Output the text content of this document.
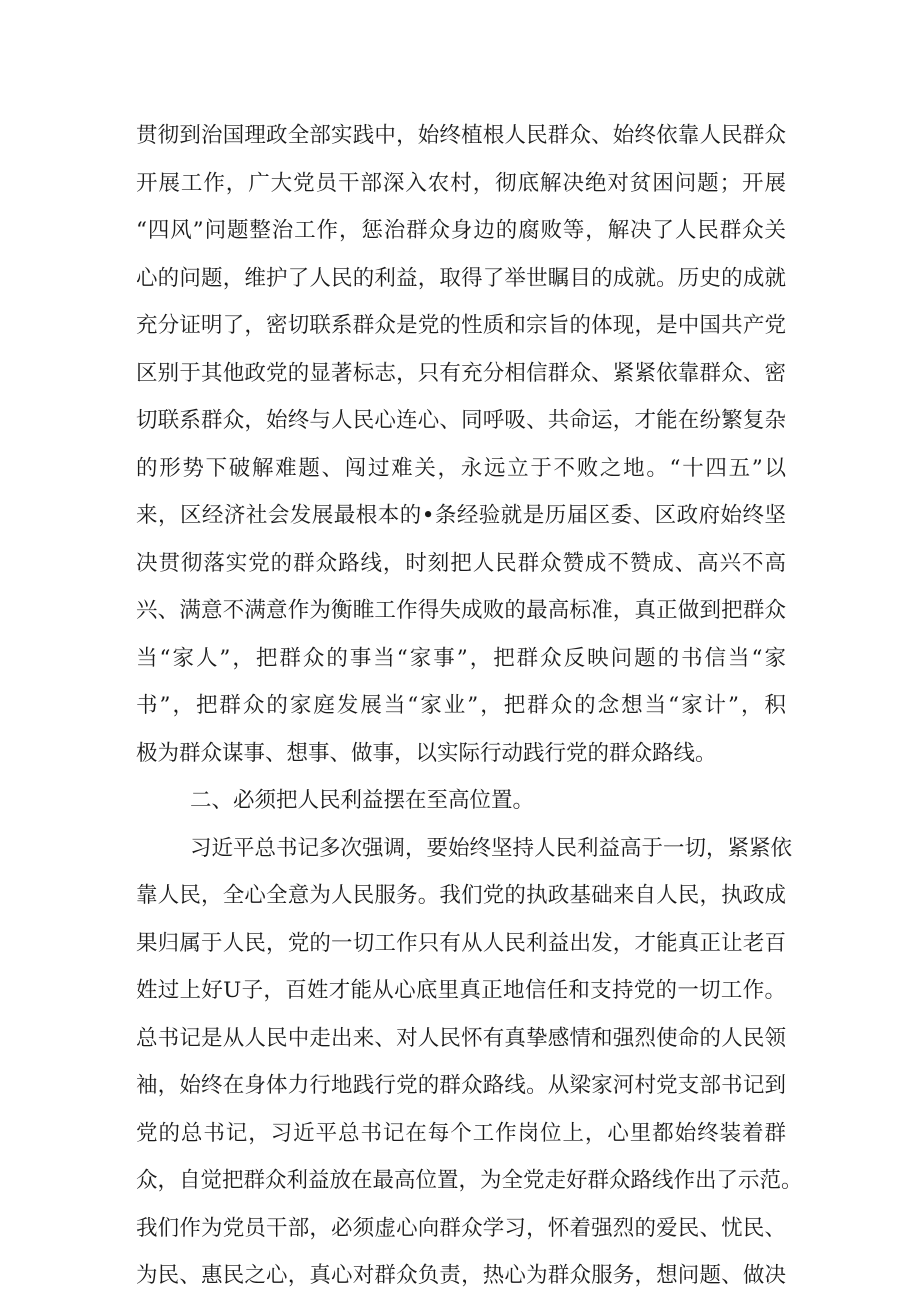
贯彻到治国理政全部实践中，始终植根人民群众、始终依靠人民群众
开展工作，广大党员干部深入农村，彻底解决绝对贫困问题；开展
“四风”问题整治工作，惩治群众身边的腐败等，解决了人民群众关
心的问题，维护了人民的利益，取得了举世瞩目的成就。历史的成就
充分证明了，密切联系群众是党的性质和宗旨的体现，是中国共产党
区别于其他政党的显著标志，只有充分相信群众、紧紧依靠群众、密
切联系群众，始终与人民心连心、同呼吸、共命运，才能在纷繁复杂
的形势下破解难题、闯过难关，永远立于不败之地。“十四五”以
来，区经济社会发展最根本的•条经验就是历届区委、区政府始终坚
决贯彻落实党的群众路线，时刻把人民群众赞成不赞成、高兴不高
兴、满意不满意作为衡睢工作得失成败的最高标准，真正做到把群众
当“家人”，把群众的事当“家事”，把群众反映问题的书信当“家
书”，把群众的家庭发展当“家业”，把群众的念想当“家计”，积
极为群众谋事、想事、做事，以实际行动践行党的群众路线。
二、必须把人民利益摆在至高位置。
习近平总书记多次强调，要始终坚持人民利益高于一切，紧紧依
靠人民，全心全意为人民服务。我们党的执政基础来自人民，执政成
果归属于人民，党的一切工作只有从人民利益出发，才能真正让老百
姓过上好U子，百姓才能从心底里真正地信任和支持党的一切工作。
总书记是从人民中走出来、对人民怀有真挚感情和强烈使命的人民领
袖，始终在身体力行地践行党的群众路线。从梁家河村党支部书记到
党的总书记，习近平总书记在每个工作岗位上，心里都始终装着群
众，自觉把群众利益放在最高位置，为全党走好群众路线作出了示范。
我们作为党员干部，必须虚心向群众学习，怀着强烈的爱民、忧民、
为民、惠民之心，真心对群众负责，热心为群众服务，想问题、做决
